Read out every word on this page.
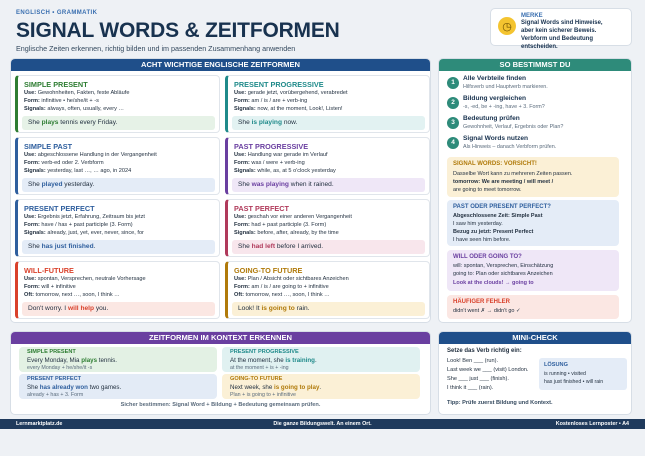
ENGLISCH • GRAMMATIK
SIGNAL WORDS & ZEITFORMEN
Englische Zeiten erkennen, richtig bilden und im passenden Zusammenhang anwenden
◷
MERKE
Signal Words sind Hinweise,
aber kein sicherer Beweis.
Verbform und Bedeutung entscheiden.
ACHT WICHTIGE ENGLISCHE ZEITFORMEN
SIMPLE PRESENT
Use: Gewohnheiten, Fakten, feste Abläufe
Form: infinitive • he/she/it + -s
Signals: always, often, usually, every …
She plays tennis every Friday.
PRESENT PROGRESSIVE
Use: gerade jetzt, vorübergehend, verabredet
Form: am / is / are + verb-ing
Signals: now, at the moment, Look!, Listen!
She is playing now.
SIMPLE PAST
Use: abgeschlossene Handlung in der Vergangenheit
Form: verb-ed oder 2. Verbform
Signals: yesterday, last …, … ago, in 2024
She played yesterday.
PAST PROGRESSIVE
Use: Handlung war gerade im Verlauf
Form: was / were + verb-ing
Signals: while, as, at 5 o'clock yesterday
She was playing when it rained.
PRESENT PERFECT
Use: Ergebnis jetzt, Erfahrung, Zeitraum bis jetzt
Form: have / has + past participle (3. Form)
Signals: already, just, yet, ever, never, since, for
She has just finished.
PAST PERFECT
Use: geschah vor einer anderen Vergangenheit
Form: had + past participle (3. Form)
Signals: before, after, already, by the time
She had left before I arrived.
WILL-FUTURE
Use: spontan, Versprechen, neutrale Vorhersage
Form: will + infinitive
Oft: tomorrow, next …, soon, I think …
Don't worry. I will help you.
GOING-TO FUTURE
Use: Plan / Absicht oder sichtbares Anzeichen
Form: am / is / are going to + infinitive
Oft: tomorrow, next …, soon, I think …
Look! It is going to rain.
SO BESTIMMST DU
1
Alle Verbteile finden
Hilfsverb und Hauptverb markieren.
2
Bildung vergleichen
-s, -ed, be + -ing, have + 3. Form?
3
Bedeutung prüfen
Gewohnheit, Verlauf, Ergebnis oder Plan?
4
Signal Words nutzen
Als Hinweis – danach Verbform prüfen.
SIGNAL WORDS: VORSICHT!
Dasselbe Wort kann zu mehreren Zeiten passen.
tomorrow: We are meeting / will meet /
are going to meet tomorrow.
PAST ODER PRESENT PERFECT?
Abgeschlossene Zeit: Simple Past
I saw him yesterday.
Bezug zu jetzt: Present Perfect
I have seen him before.
WILL ODER GOING TO?
will: spontan, Versprechen, Einschätzung
going to: Plan oder sichtbares Anzeichen
Look at the clouds! → going to
HÄUFIGER FEHLER
didn't went ✗ → didn't go ✓
ZEITFORMEN IM KONTEXT ERKENNEN
SIMPLE PRESENT
Every Monday, Mia plays tennis.
every Monday + he/she/it -s
PRESENT PROGRESSIVE
At the moment, she is training.
at the moment + is + -ing
PRESENT PERFECT
She has already won two games.
already + has + 3. Form
GOING-TO FUTURE
Next week, she is going to play.
Plan + is going to + infinitive
Sicher bestimmen: Signal Word + Bildung + Bedeutung gemeinsam prüfen.
MINI-CHECK
Setze das Verb richtig ein:
Look! Ben ___ (run).
Last week we ___ (visit) London.
She ___ just ___ (finish).
I think it ___ (rain).
LÖSUNG
is running • visited
has just finished • will rain
Tipp: Prüfe zuerst Bildung und Kontext.
Lernmarktplatz.de	Die ganze Bildungswelt. An einem Ort.	Kostenloses Lernposter • A4
